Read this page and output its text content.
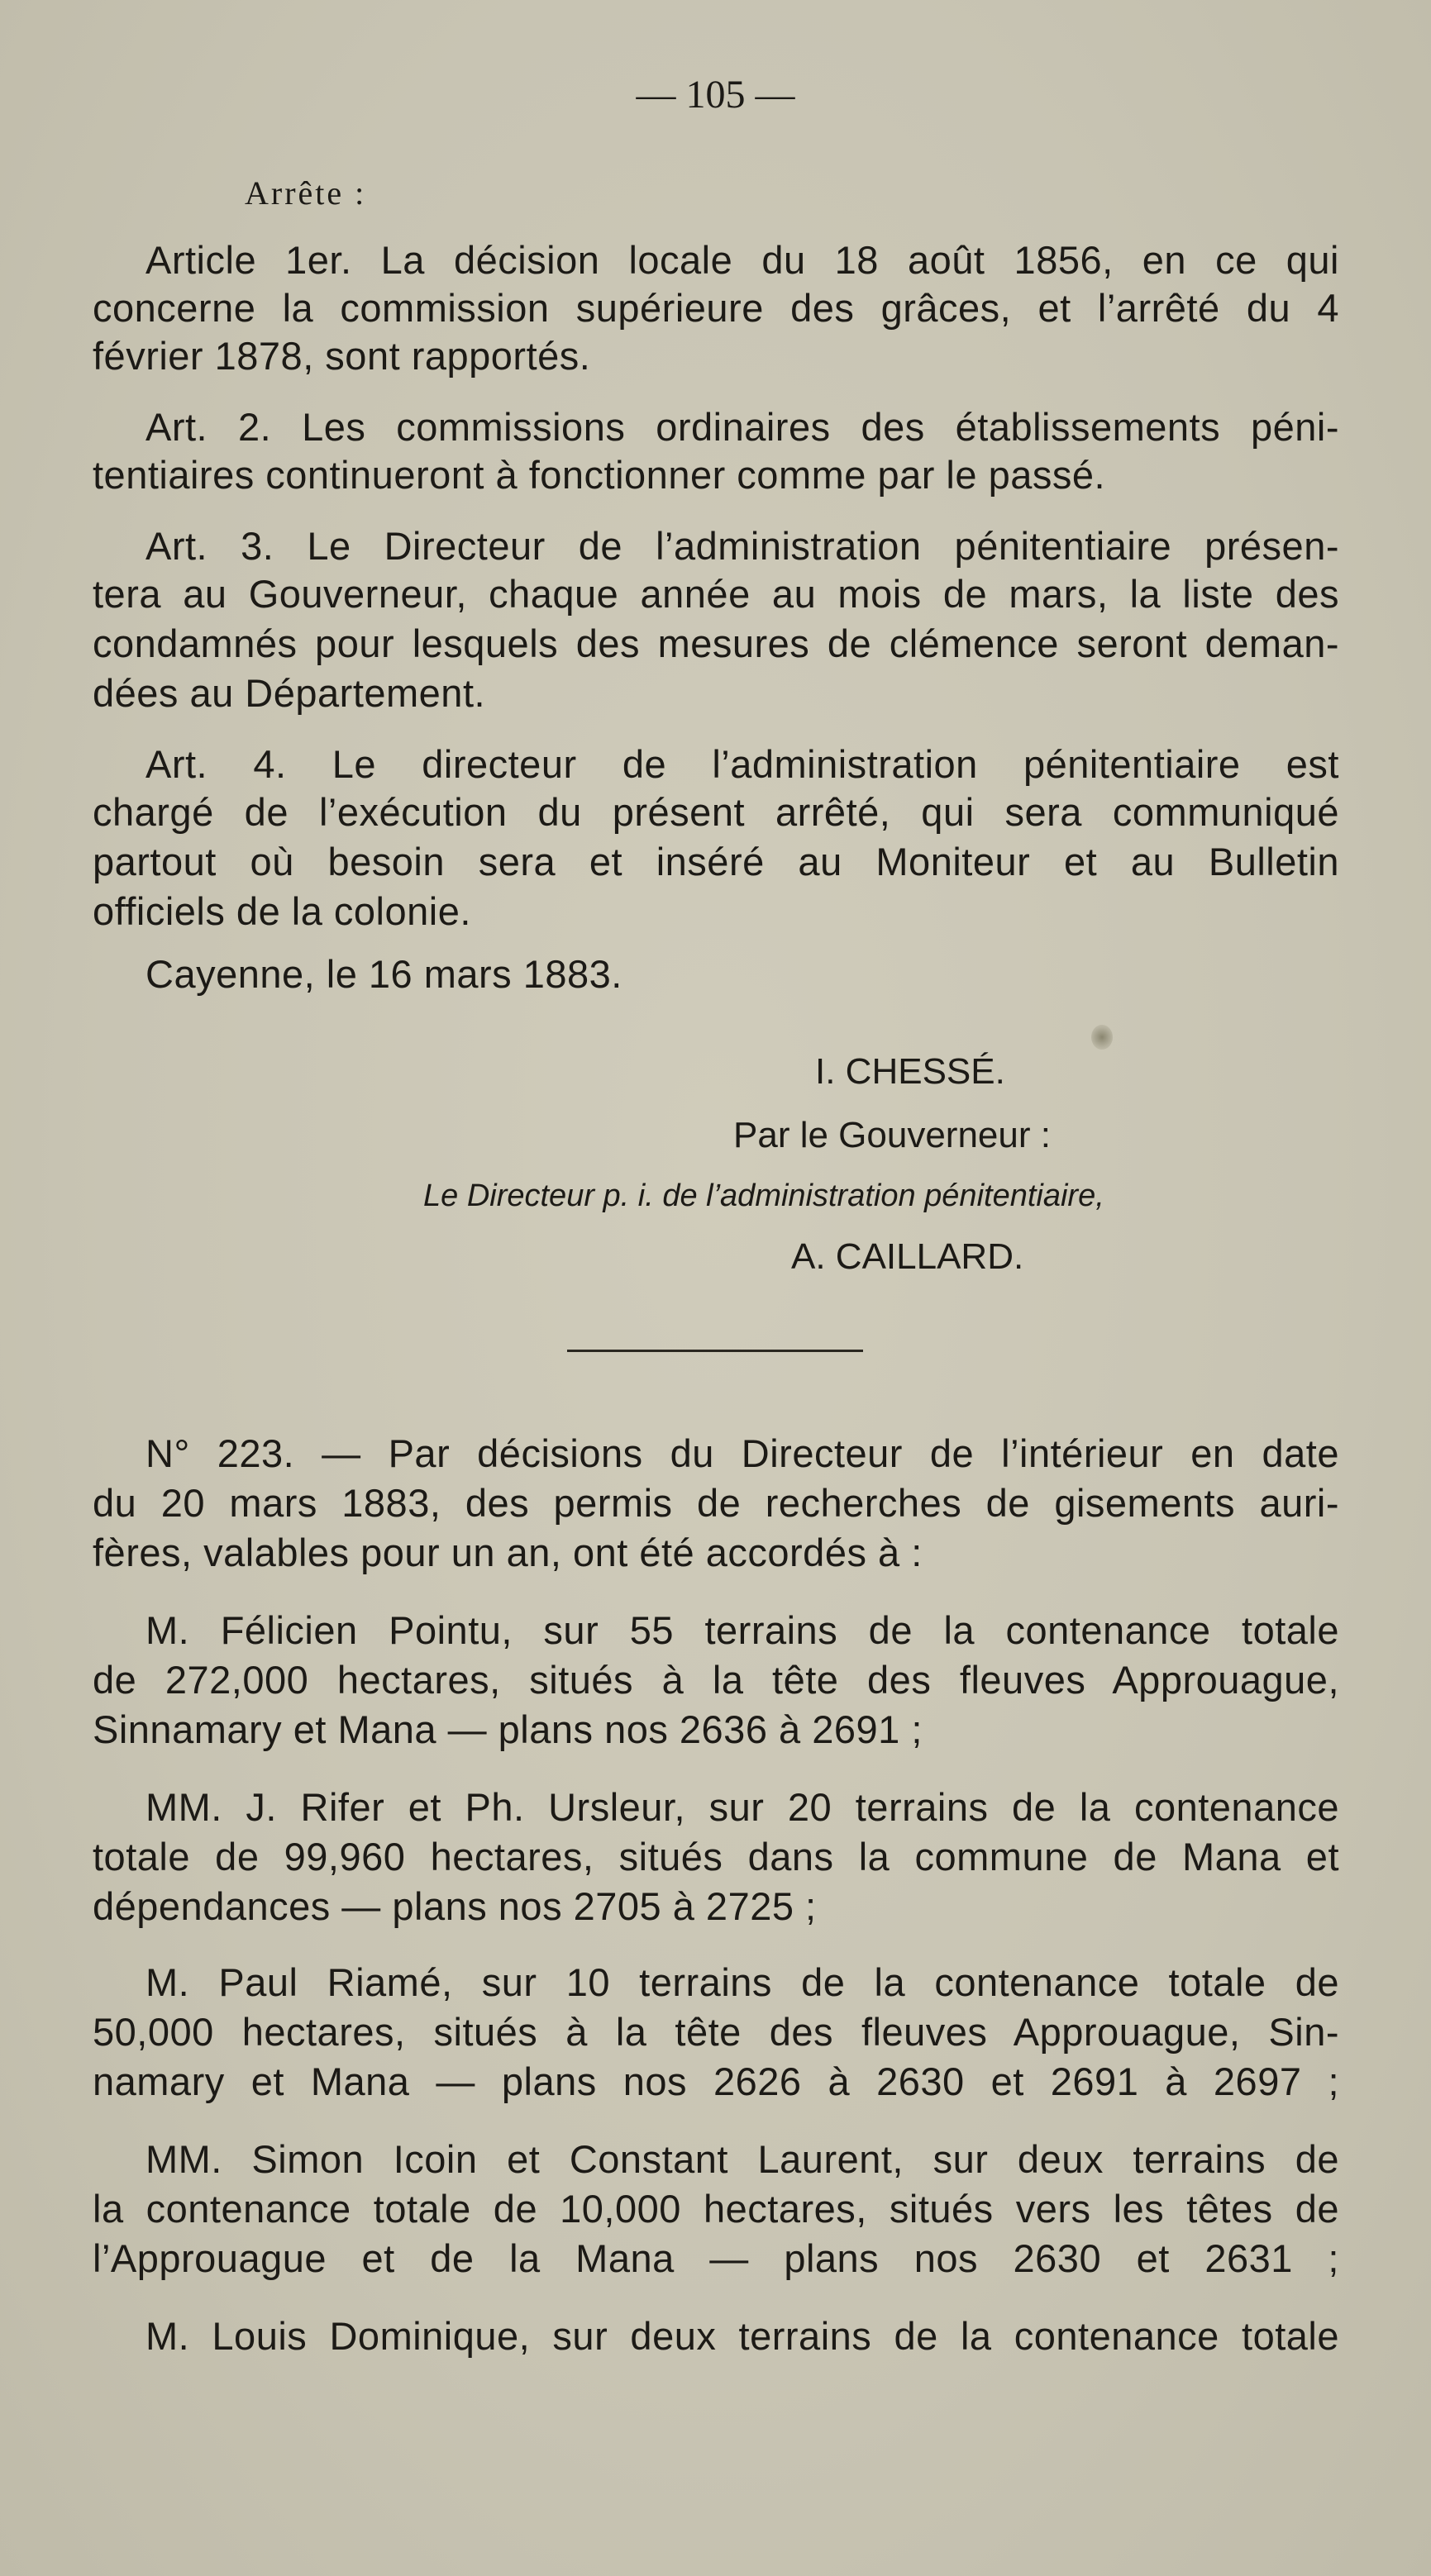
— 105 —
Arrête :
Article 1er. La décision locale du 18 août 1856, en ce qui
concerne la commission supérieure des grâces, et l’arrêté du 4
février 1878, sont rapportés.
Art. 2. Les commissions ordinaires des établissements péni-
tentiaires continueront à fonctionner comme par le passé.
Art. 3. Le Directeur de l’administration pénitentiaire présen-
tera au Gouverneur, chaque année au mois de mars, la liste des
condamnés pour lesquels des mesures de clémence seront deman-
dées au Département.
Art. 4. Le directeur de l’administration pénitentiaire est
chargé de l’exécution du présent arrêté, qui sera communiqué
partout où besoin sera et inséré au Moniteur et au Bulletin
officiels de la colonie.
Cayenne, le 16 mars 1883.
I. CHESSÉ.
Par le Gouverneur :
Le Directeur p. i. de l’administration pénitentiaire,
A. CAILLARD.
N° 223. — Par décisions du Directeur de l’intérieur en date
du 20 mars 1883, des permis de recherches de gisements auri-
fères, valables pour un an, ont été accordés à :
M. Félicien Pointu, sur 55 terrains de la contenance totale
de 272,000 hectares, situés à la tête des fleuves Approuague,
Sinnamary et Mana — plans nos 2636 à 2691 ;
MM. J. Rifer et Ph. Ursleur, sur 20 terrains de la contenance
totale de 99,960 hectares, situés dans la commune de Mana et
dépendances — plans nos 2705 à 2725 ;
M. Paul Riamé, sur 10 terrains de la contenance totale de
50,000 hectares, situés à la tête des fleuves Approuague, Sin-
namary et Mana — plans nos 2626 à 2630 et 2691 à 2697 ;
MM. Simon Icoin et Constant Laurent, sur deux terrains de
la contenance totale de 10,000 hectares, situés vers les têtes de
l’Approuague et de la Mana — plans nos 2630 et 2631 ;
M. Louis Dominique, sur deux terrains de la contenance totale
